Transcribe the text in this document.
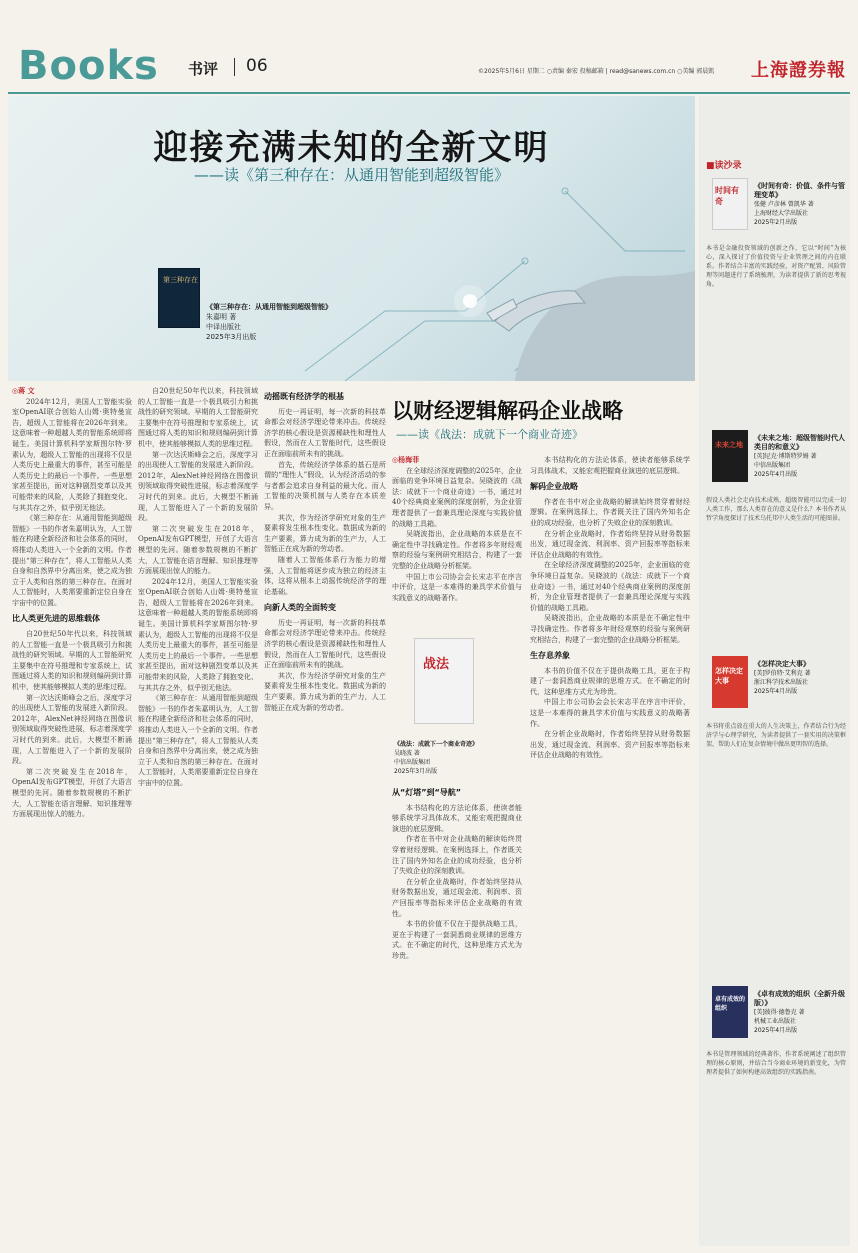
Books 书评 06	©2025年5月6日 星期二 ○责编 秦宏 投稿邮箱 | read@sanews.com.cn ○美编 郭晨凯	上海證券報
迎接充满未知的全新文明
——读《第三种存在：从通用智能到超级智能》
第三种存在
《第三种存在：从通用智能到超级智能》
朱嘉明 著
中译出版社
2025年3月出版
◎蒋 文

2024年12月，美国人工智能实验室OpenAI联合创始人山姆·奥特曼宣告，超级人工智能将在2026年到来。这意味着一种超越人类的智能系统即将诞生。美国计算机科学家斯图尔特·罗素认为，超级人工智能的出现将不仅是人类历史上最重大的事件，甚至可能是人类历史上的最后一个事件。一些思想家甚至提出，面对这种剧烈变革以及其可能带来的风险，人类除了拥抱变化、与其共存之外，似乎别无他法。

《第三种存在：从通用智能到超级智能》一书的作者朱嘉明认为，人工智能在构建全新经济和社会体系的同时，将推动人类进入一个全新的文明。作者提出“第三种存在”，将人工智能从人类自身和自然界中分离出来，使之成为独立于人类和自然的第三种存在。在面对人工智能时，人类需要重新定位自身在宇宙中的位置。

比人类更先进的思维载体

自20世纪50年代以来，科技领域的人工智能一直是一个极具吸引力和挑战性的研究领域。早期的人工智能研究主要集中在符号推理和专家系统上，试图通过将人类的知识和规则编码到计算机中，使其能够模拟人类的思维过程。

第一次达沃斯峰会之后，深度学习的出现使人工智能的发展进入新阶段。2012年，AlexNet神经网络在图像识别领域取得突破性进展，标志着深度学习时代的到来。此后，大模型不断涌现，人工智能进入了一个新的发展阶段。

第二次突破发生在2018年，OpenAI发布GPT模型，开创了大语言模型的先河。随着参数规模的不断扩大，人工智能在语言理解、知识推理等方面展现出惊人的能力。

自20世纪50年代以来，科技领域的人工智能一直是一个极具吸引力和挑战性的研究领域。早期的人工智能研究主要集中在符号推理和专家系统上，试图通过将人类的知识和规则编码到计算机中，使其能够模拟人类的思维过程。

第一次达沃斯峰会之后，深度学习的出现使人工智能的发展进入新阶段。2012年，AlexNet神经网络在图像识别领域取得突破性进展，标志着深度学习时代的到来。此后，大模型不断涌现，人工智能进入了一个新的发展阶段。

第二次突破发生在2018年，OpenAI发布GPT模型，开创了大语言模型的先河。随着参数规模的不断扩大，人工智能在语言理解、知识推理等方面展现出惊人的能力。

2024年12月，美国人工智能实验室OpenAI联合创始人山姆·奥特曼宣告，超级人工智能将在2026年到来。这意味着一种超越人类的智能系统即将诞生。美国计算机科学家斯图尔特·罗素认为，超级人工智能的出现将不仅是人类历史上最重大的事件，甚至可能是人类历史上的最后一个事件。一些思想家甚至提出，面对这种剧烈变革以及其可能带来的风险，人类除了拥抱变化、与其共存之外，似乎别无他法。

《第三种存在：从通用智能到超级智能》一书的作者朱嘉明认为，人工智能在构建全新经济和社会体系的同时，将推动人类进入一个全新的文明。作者提出“第三种存在”，将人工智能从人类自身和自然界中分离出来，使之成为独立于人类和自然的第三种存在。在面对人工智能时，人类需要重新定位自身在宇宙中的位置。

动摇既有经济学的根基

历史一再证明，每一次新的科技革命都会对经济学理论带来冲击。传统经济学的核心假设是资源稀缺性和理性人假设，然而在人工智能时代，这些假设正在面临前所未有的挑战。

首先，传统经济学体系的基石是所谓的“理性人”假设，认为经济活动的参与者都会追求自身利益的最大化。而人工智能的决策机制与人类存在本质差异。

其次，作为经济学研究对象的生产要素将发生根本性变化。数据成为新的生产要素，算力成为新的生产力，人工智能正在成为新的劳动者。

随着人工智能体系行为能力的增强，人工智能将逐步成为独立的经济主体，这将从根本上动摇传统经济学的理论基础。

向新人类的全面转变

历史一再证明，每一次新的科技革命都会对经济学理论带来冲击。传统经济学的核心假设是资源稀缺性和理性人假设，然而在人工智能时代，这些假设正在面临前所未有的挑战。

其次，作为经济学研究对象的生产要素将发生根本性变化。数据成为新的生产要素，算力成为新的生产力，人工智能正在成为新的劳动者。

以财经逻辑解码企业战略
——读《战法：成就下一个商业奇迹》
◎杨海菲

在全球经济深度调整的2025年，企业面临的竞争环境日益复杂。吴晓波的《战法：成就下一个商业奇迹》一书，通过对40个经典商业案例的深度剖析，为企业管理者提供了一套兼具理论深度与实践价值的战略工具箱。

吴晓波指出，企业战略的本质是在不确定性中寻找确定性。作者将多年财经观察的经验与案例研究相结合，构建了一套完整的企业战略分析框架。

中国上市公司协会会长宋志平在序言中评价，这是一本难得的兼具学术价值与实践意义的战略著作。

战法
《战法：成就下一个商业奇迹》
吴晓波 著
中信出版集团
2025年3月出版
从“灯塔”到“导航”

本书结构化的方法论体系，使读者能够系统学习具体战术，又能宏观把握商业演进的底层逻辑。

作者在书中对企业战略的解读始终贯穿着财经逻辑。在案例选择上，作者既关注了国内外知名企业的成功经验，也分析了失败企业的深刻教训。

在分析企业战略时，作者始终坚持从财务数据出发，通过现金流、利润率、资产回报率等指标来评估企业战略的有效性。

本书的价值不仅在于提供战略工具，更在于构建了一套洞悉商业规律的思维方式。在不确定的时代，这种思维方式尤为珍贵。

本书结构化的方法论体系，使读者能够系统学习具体战术，又能宏观把握商业演进的底层逻辑。

解码企业战略

作者在书中对企业战略的解读始终贯穿着财经逻辑。在案例选择上，作者既关注了国内外知名企业的成功经验，也分析了失败企业的深刻教训。

在分析企业战略时，作者始终坚持从财务数据出发，通过现金流、利润率、资产回报率等指标来评估企业战略的有效性。

在全球经济深度调整的2025年，企业面临的竞争环境日益复杂。吴晓波的《战法：成就下一个商业奇迹》一书，通过对40个经典商业案例的深度剖析，为企业管理者提供了一套兼具理论深度与实践价值的战略工具箱。

吴晓波指出，企业战略的本质是在不确定性中寻找确定性。作者将多年财经观察的经验与案例研究相结合，构建了一套完整的企业战略分析框架。

生存息养象

本书的价值不仅在于提供战略工具，更在于构建了一套洞悉商业规律的思维方式。在不确定的时代，这种思维方式尤为珍贵。

中国上市公司协会会长宋志平在序言中评价，这是一本难得的兼具学术价值与实践意义的战略著作。

在分析企业战略时，作者始终坚持从财务数据出发，通过现金流、利润率、资产回报率等指标来评估企业战略的有效性。

■读沙录
时间有奇
《时间有奇：价值、条件与管理变革》
张健 卢彦林 曾凯华 著
上海财经大学出版社
2025年2月出版
本书是金融投资领域的创新之作，它以“时间”为核心，深入探讨了价值投资与企业管理之间的内在联系。作者结合丰富的实践经验，对资产配置、风险管理等问题进行了系统梳理，为读者提供了新的思考视角。
未来之地
《未来之地：超级智能时代人类目的和意义》
[英]尼克·博斯特罗姆 著
中信出版集团
2025年4月出版
假设人类社会走向技术成熟，超级智能可以完成一切人类工作，那么人类存在的意义是什么？本书作者从哲学角度探讨了技术乌托邦中人类生活的可能图景。
怎样决定大事
《怎样决定大事》
[美]罗伯特·艾利克 著
浙江科学技术出版社
2025年4月出版
本书将重点放在重大的人生决策上，作者结合行为经济学与心理学研究，为读者提供了一套实用的决策框架，帮助人们在复杂情境中做出更明智的选择。
卓有成效的组织
《卓有成效的组织（全新升级版）》
[美]彼得·德鲁克 著
机械工业出版社
2025年4月出版
本书是管理领域的经典著作，作者系统阐述了组织管理的核心原则，并结合当今商业环境的新变化，为管理者提供了如何构建高效组织的实践指南。
